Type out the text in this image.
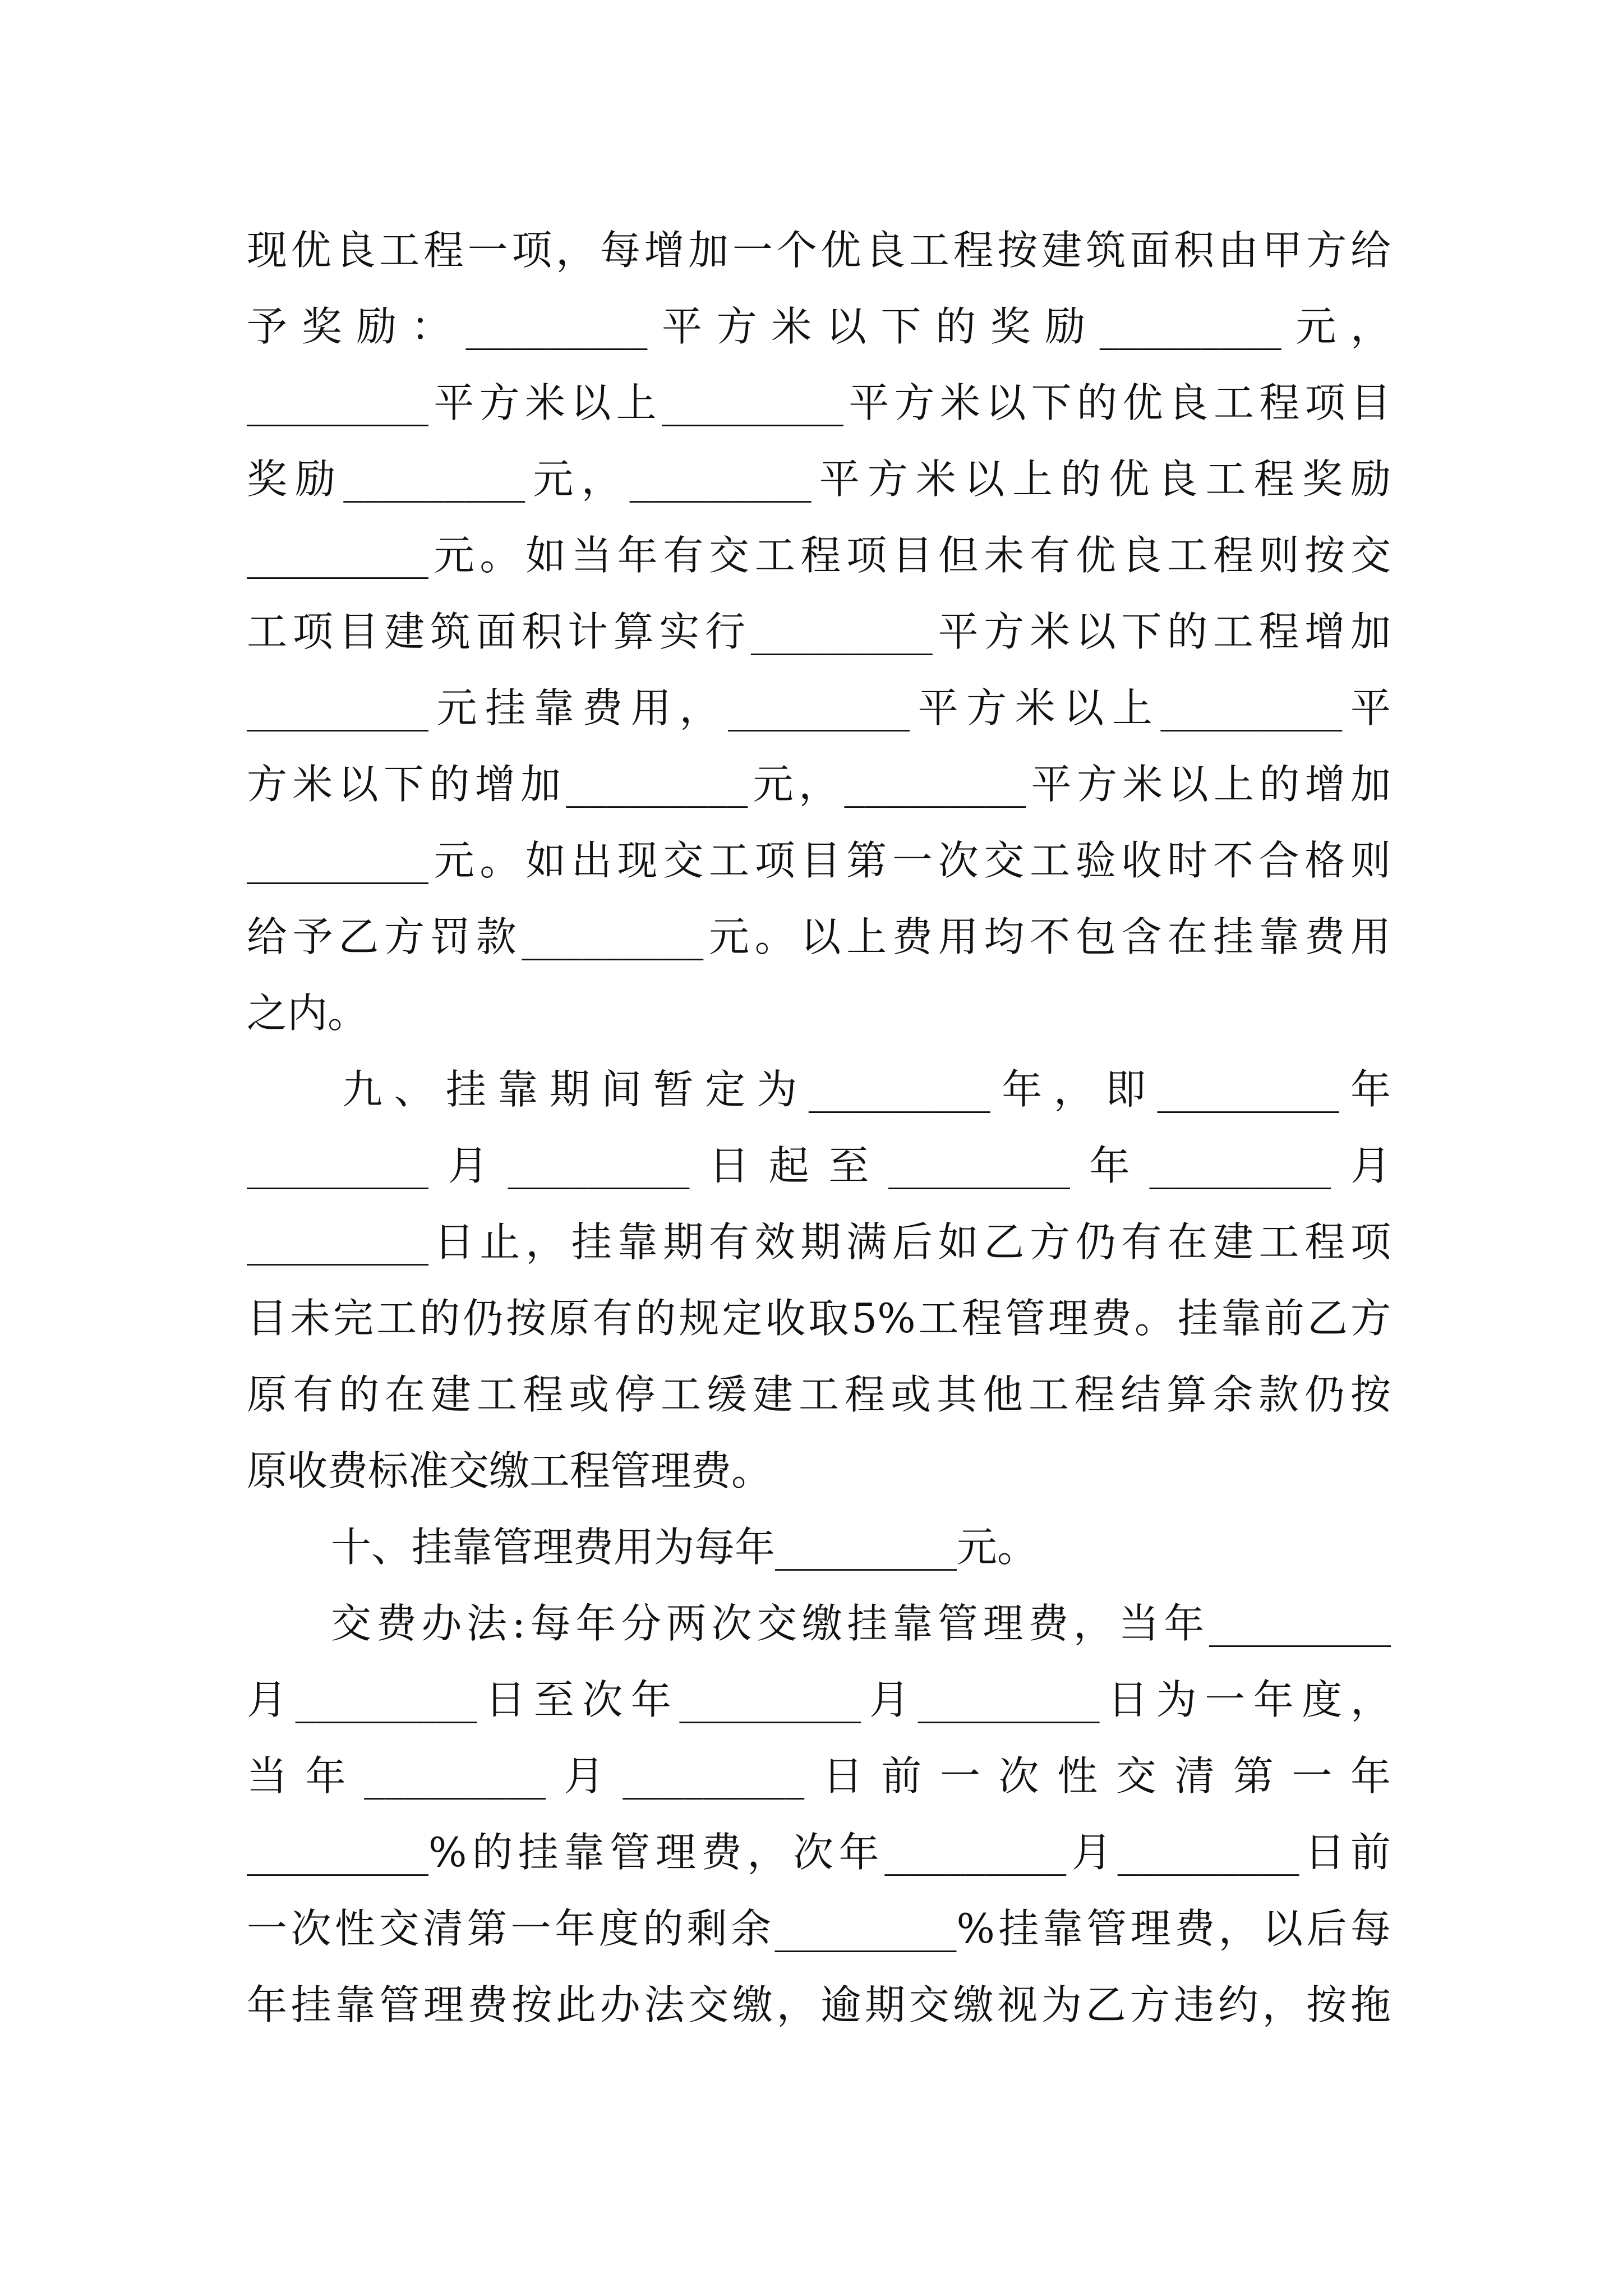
现优良工程一项，每增加一个优良工程按建筑面积由甲方给
予奖励：_________平方米以下的奖励_________元，
_________平方米以上_________平方米以下的优良工程项目
奖励_________元，_________平方米以上的优良工程奖励
_________元。如当年有交工程项目但未有优良工程则按交
工项目建筑面积计算实行_________平方米以下的工程增加
_________元挂靠费用，_________平方米以上_________平
方米以下的增加_________元，_________平方米以上的增加
_________元。如出现交工项目第一次交工验收时不合格则
给予乙方罚款_________元。以上费用均不包含在挂靠费用
之内。
九、挂靠期间暂定为_________年，即_________年
_________月_________日起至_________年_________月
_________日止，挂靠期有效期满后如乙方仍有在建工程项
目未完工的仍按原有的规定收取5%工程管理费。挂靠前乙方
原有的在建工程或停工缓建工程或其他工程结算余款仍按
原收费标准交缴工程管理费。
十、挂靠管理费用为每年_________元。
交费办法:每年分两次交缴挂靠管理费，当年_________
月_________日至次年_________月_________日为一年度，
当年_________月_________日前一次性交清第一年
_________%的挂靠管理费，次年_________月_________日前
一次性交清第一年度的剩余_________%挂靠管理费，以后每
年挂靠管理费按此办法交缴，逾期交缴视为乙方违约，按拖
